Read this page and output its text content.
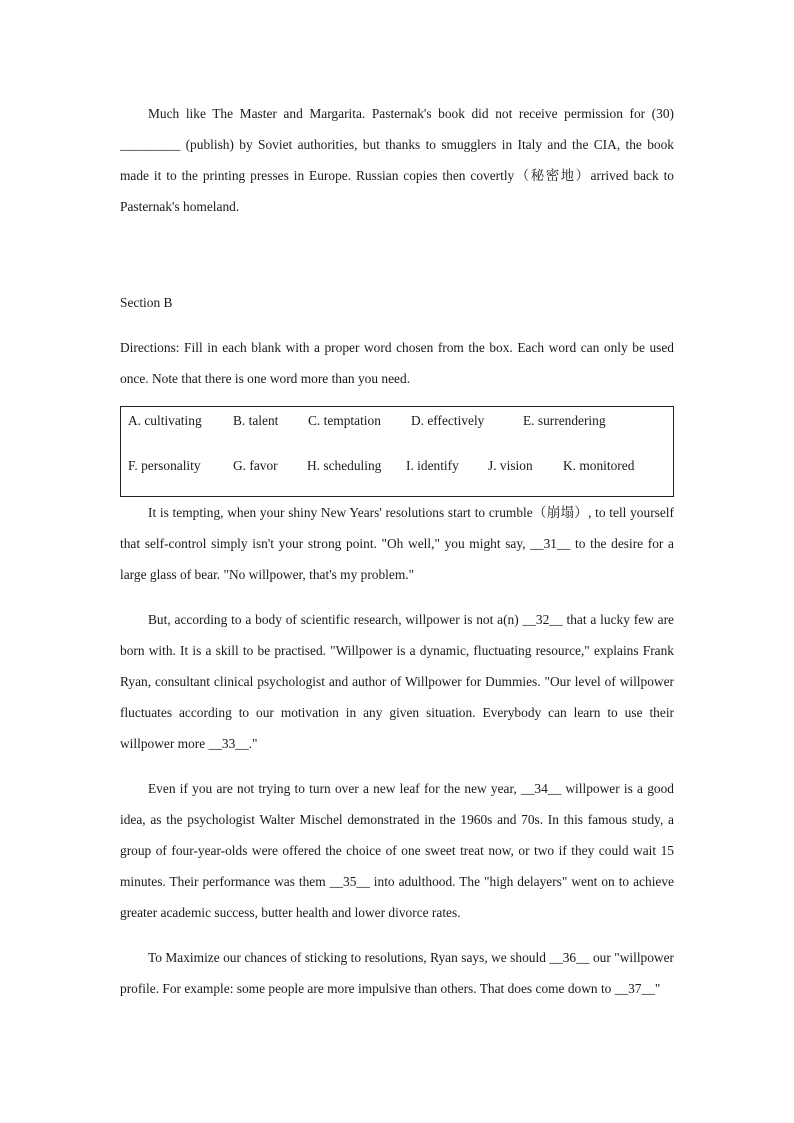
Much like The Master and Margarita. Pasternak's book did not receive permission for (30) _________ (publish) by Soviet authorities, but thanks to smugglers in Italy and the CIA, the book made it to the printing presses in Europe. Russian copies then covertly（秘密地）arrived back to Pasternak's homeland.

Section B
Directions: Fill in each blank with a proper word chosen from the box. Each word can only be used once. Note that there is one word more than you need.
A. cultivating B. talent C. temptation D. effectively	E. surrendering
F. personality G. favor H. scheduling I. identify J. vision K. monitored

It is tempting, when your shiny New Years' resolutions start to crumble（崩塌）, to tell yourself that self-control simply isn't your strong point. "Oh well," you might say, __31__ to the desire for a large glass of bear. "No willpower, that's my problem."

But, according to a body of scientific research, willpower is not a(n) __32__ that a lucky few are born with. It is a skill to be practised. "Willpower is a dynamic, fluctuating resource," explains Frank Ryan, consultant clinical psychologist and author of Willpower for Dummies. "Our level of willpower fluctuates according to our motivation in any given situation. Everybody can learn to use their willpower more __33__."

Even if you are not trying to turn over a new leaf for the new year, __34__ willpower is a good idea, as the psychologist Walter Mischel demonstrated in the 1960s and 70s. In this famous study, a group of four-year-olds were offered the choice of one sweet treat now, or two if they could wait 15 minutes. Their performance was them __35__ into adulthood. The "high delayers" went on to achieve greater academic success, butter health and lower divorce rates.

To Maximize our chances of sticking to resolutions, Ryan says, we should __36__ our "willpower profile. For example: some people are more impulsive than others. That does come down to __37__"
